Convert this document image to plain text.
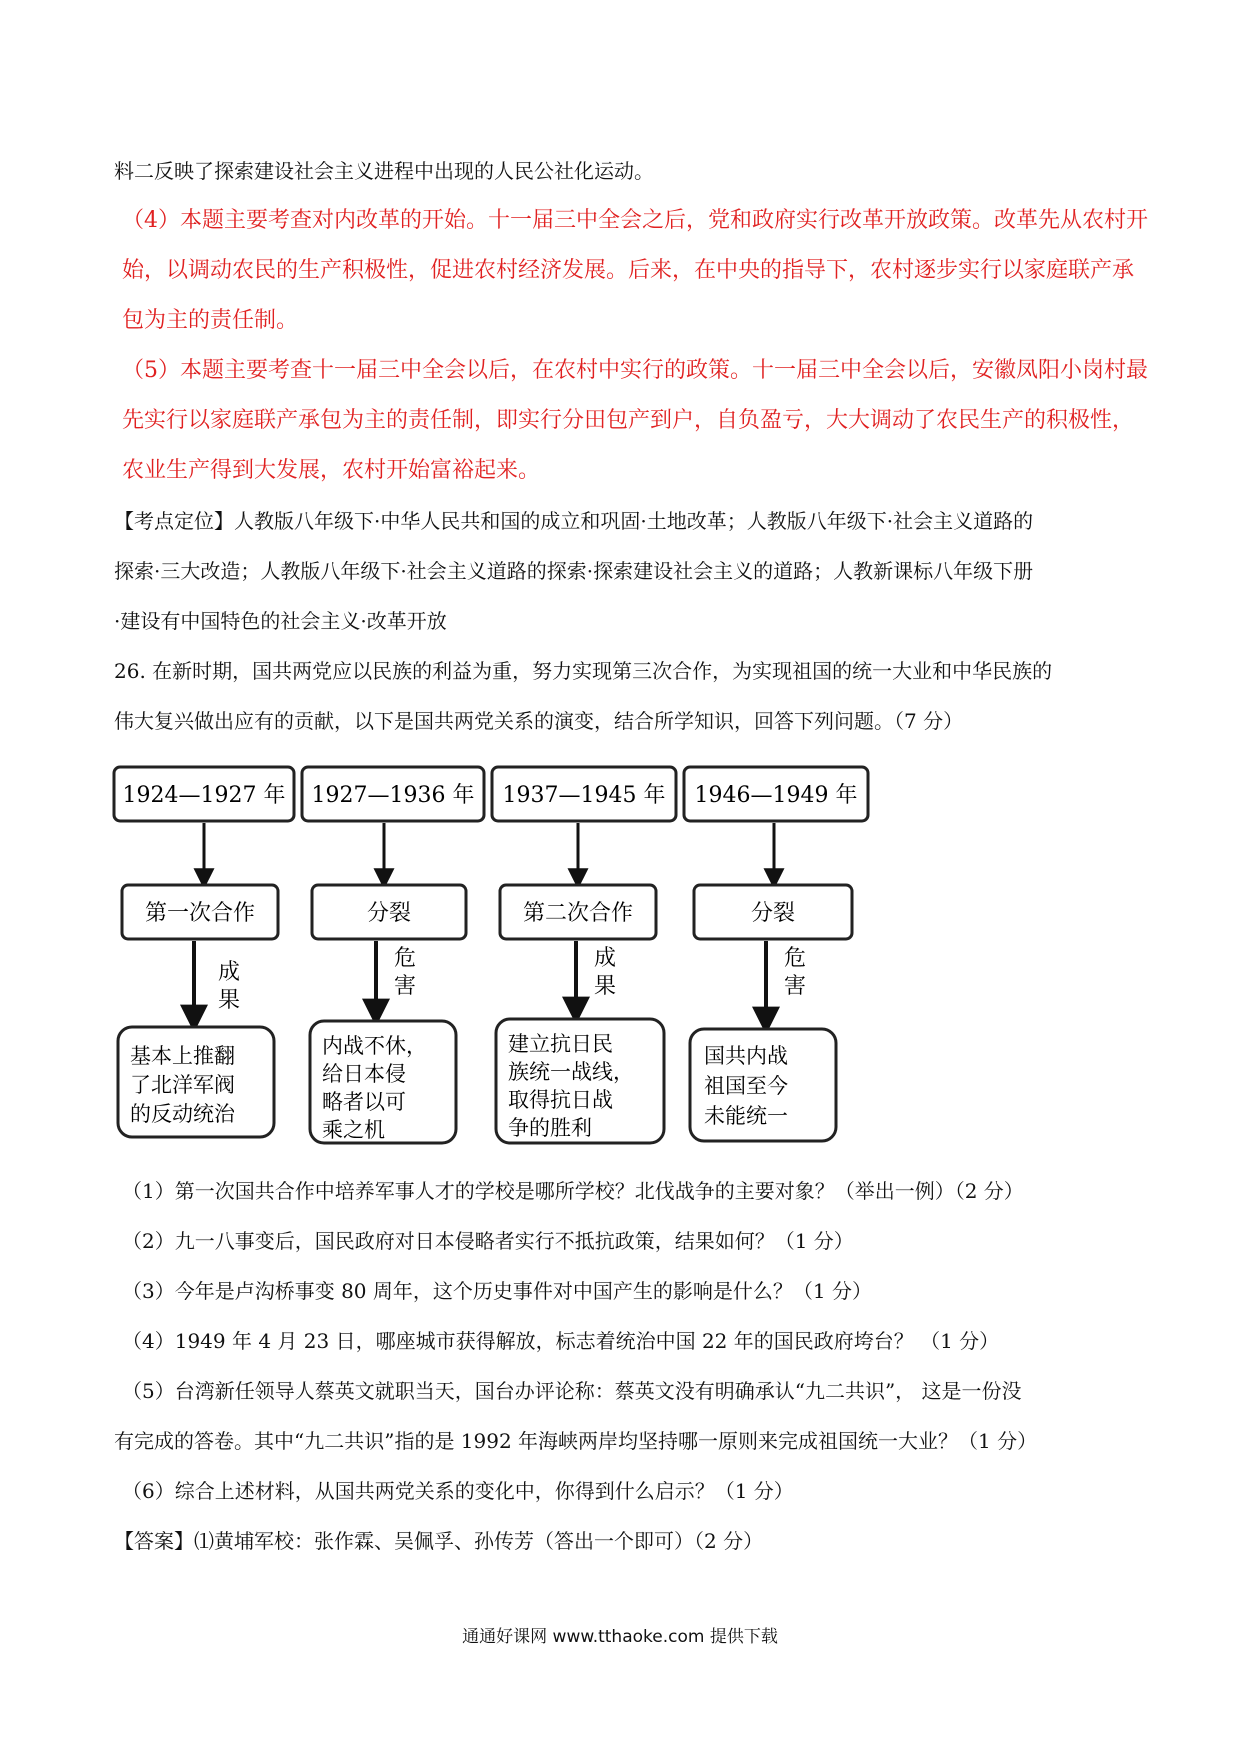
料二反映了探索建设社会主义进程中出现的人民公社化运动。
（4）本题主要考查对内改革的开始。十一届三中全会之后，党和政府实行改革开放政策。改革先从农村开
始，以调动农民的生产积极性，促进农村经济发展。后来，在中央的指导下，农村逐步实行以家庭联产承
包为主的责任制。
（5）本题主要考查十一届三中全会以后，在农村中实行的政策。十一届三中全会以后，安徽凤阳小岗村最
先实行以家庭联产承包为主的责任制，即实行分田包产到户，自负盈亏，大大调动了农民生产的积极性，
农业生产得到大发展，农村开始富裕起来。
【考点定位】人教版八年级下·中华人民共和国的成立和巩固·土地改革；人教版八年级下·社会主义道路的
探索·三大改造；人教版八年级下·社会主义道路的探索·探索建设社会主义的道路；人教新课标八年级下册
·建设有中国特色的社会主义·改革开放
26. 在新时期，国共两党应以民族的利益为重，努力实现第三次合作，为实现祖国的统一大业和中华民族的
伟大复兴做出应有的贡献，以下是国共两党关系的演变，结合所学知识，回答下列问题。（7 分）
1924—1927 年
第一次合作
成
果
基本上推翻
了北洋军阀
的反动统治
1927—1936 年
分裂
危
害
内战不休，
给日本侵
略者以可
乘之机
1937—1945 年
第二次合作
成
果
建立抗日民
族统一战线，
取得抗日战
争的胜利
1946—1949 年
分裂
危
害
国共内战
祖国至今
未能统一
（1）第一次国共合作中培养军事人才的学校是哪所学校？北伐战争的主要对象？（举出一例）（2 分）
（2）九一八事变后，国民政府对日本侵略者实行不抵抗政策，结果如何？（1 分）
（3）今年是卢沟桥事变 80 周年，这个历史事件对中国产生的影响是什么？（1 分）
（4）1949 年 4 月 23 日，哪座城市获得解放，标志着统治中国 22 年的国民政府垮台？ （1 分）
（5）台湾新任领导人蔡英文就职当天，国台办评论称：蔡英文没有明确承认“九二共识”， 这是一份没
有完成的答卷。其中“九二共识”指的是 1992 年海峡两岸均坚持哪一原则来完成祖国统一大业？（1 分）
（6）综合上述材料，从国共两党关系的变化中，你得到什么启示？（1 分）
【答案】⑴黄埔军校：张作霖、吴佩孚、孙传芳（答出一个即可）（2 分）
通通好课网 www.tthaoke.com 提供下载
